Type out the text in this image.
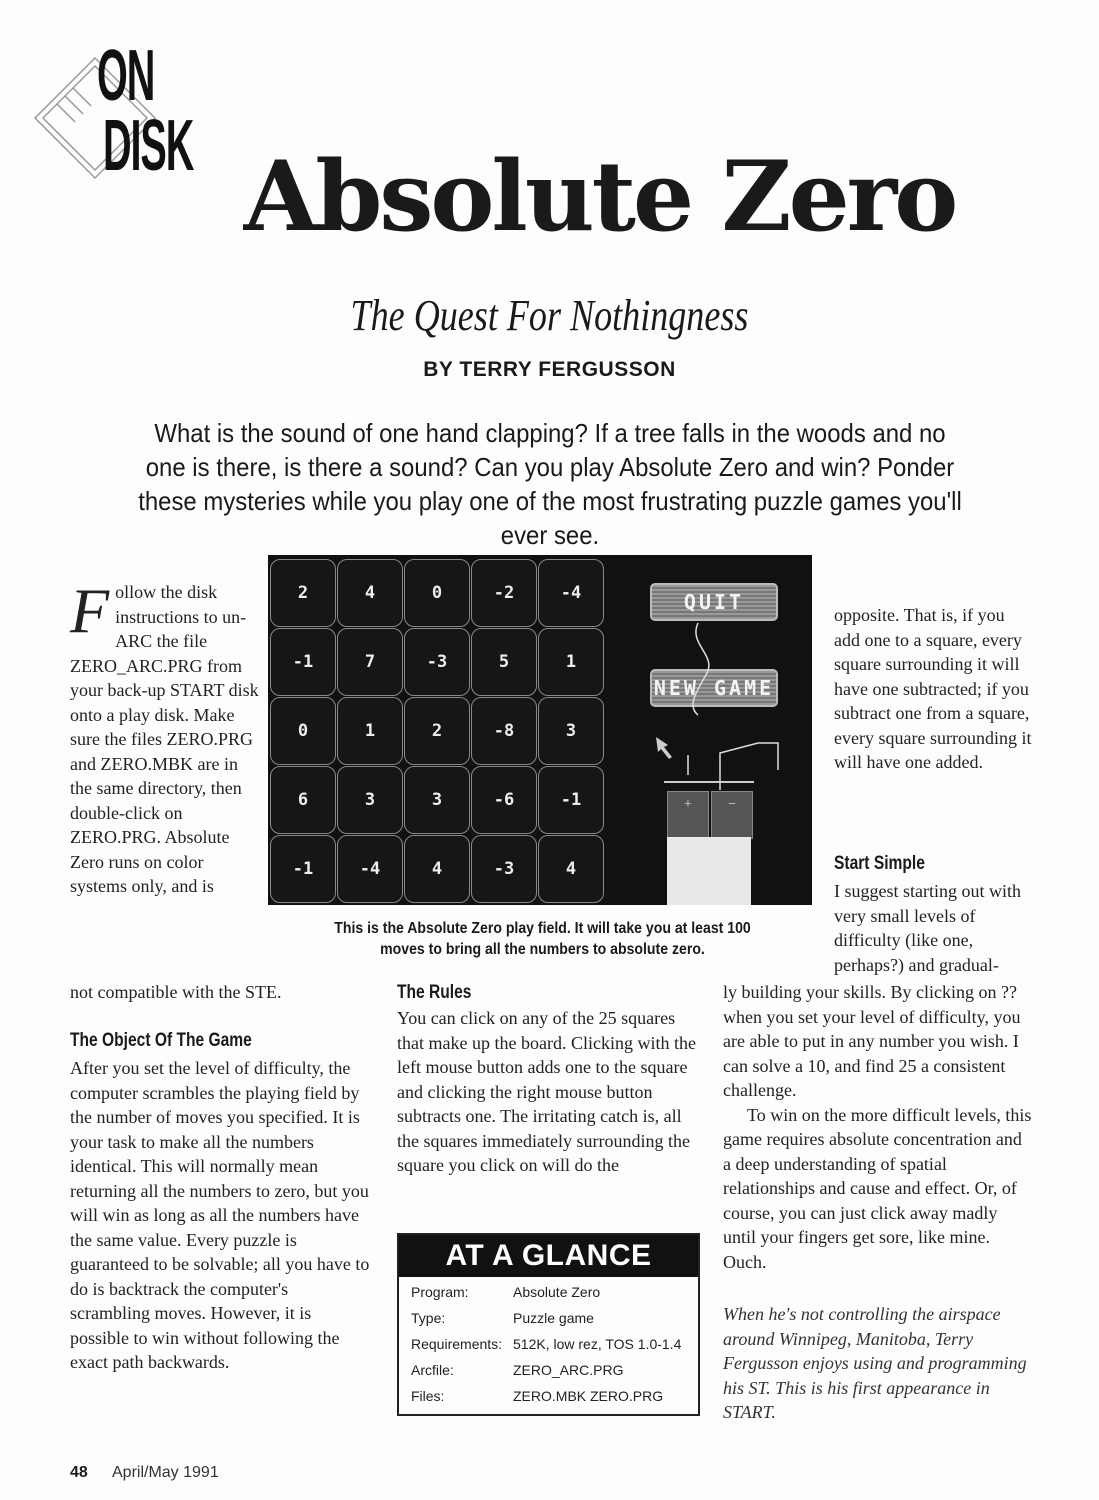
ON
DISK Absolute Zero
The Quest For Nothingness
BY TERRY FERGUSSON
What is the sound of one hand clapping? If a tree falls in the woods and no one is there, is there a sound? Can you play Absolute Zero and win? Ponder these mysteries while you play one of the most frustrating puzzle games you'll ever see.
2	4	0	-2	-4
-1	7	-3	5	1
0	1	2	-8	3
6	3	3	-6	-1
-1	-4	4	-3	4
QUIT
NEW GAME
+	−
This is the Absolute Zero play field. It will take you at least 100 moves to bring all the numbers to absolute zero.
Follow the disk instructions to un-ARC the file ZERO_ARC.PRG from your back-up START disk onto a play disk. Make sure the files ZERO.PRG and ZERO.MBK are in the same directory, then double-click on ZERO.PRG. Absolute Zero runs on color systems only, and is
not compatible with the STE.
The Object Of The Game
After you set the level of difficulty, the computer scrambles the playing field by the number of moves you specified. It is your task to make all the numbers identical. This will normally mean returning all the numbers to zero, but you will win as long as all the numbers have the same value. Every puzzle is guaranteed to be solvable; all you have to do is backtrack the computer's scrambling moves. However, it is possible to win without following the exact path backwards.
The Rules
You can click on any of the 25 squares that make up the board. Clicking with the left mouse button adds one to the square and clicking the right mouse button subtracts one. The irritating catch is, all the squares immediately surrounding the square you click on will do the
AT A GLANCE
Program:	Absolute Zero
Type:	Puzzle game
Requirements: 512K, low rez, TOS 1.0-1.4
Arcfile:	ZERO_ARC.PRG
Files:	ZERO.MBK ZERO.PRG
opposite. That is, if you add one to a square, every square surrounding it will have one subtracted; if you subtract one from a square, every square surrounding it will have one added.
Start Simple
I suggest starting out with very small levels of difficulty (like one, perhaps?) and gradual-
ly building your skills. By clicking on ?? when you set your level of difficulty, you are able to put in any number you wish. I can solve a 10, and find 25 a consistent challenge.
To win on the more difficult levels, this game requires absolute concentration and a deep understanding of spatial relationships and cause and effect. Or, of course, you can just click away madly until your fingers get sore, like mine. Ouch.
When he's not controlling the airspace around Winnipeg, Manitoba, Terry Fergusson enjoys using and programming his ST. This is his first appearance in START.
48 April/May 1991
